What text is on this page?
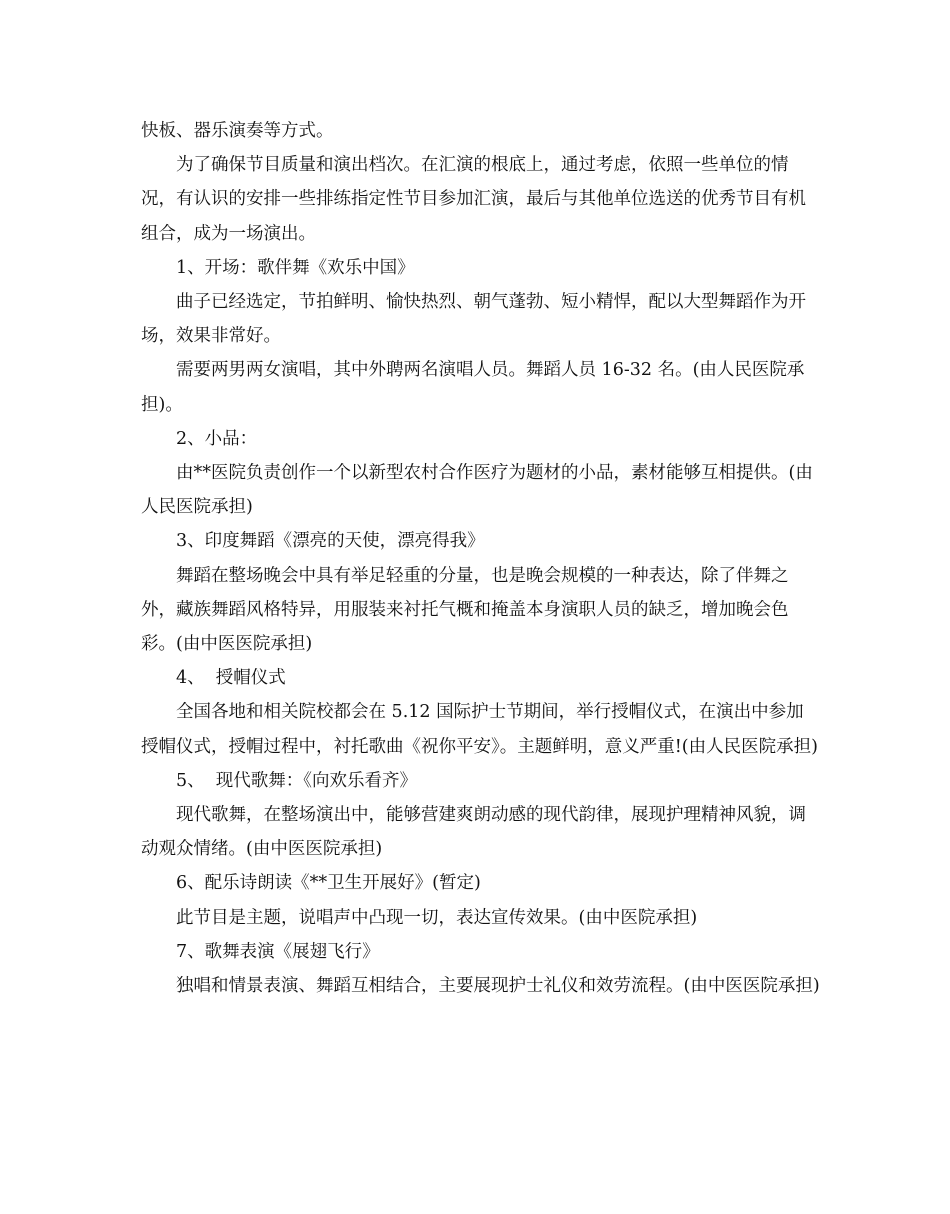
快板、器乐演奏等方式。

为了确保节目质量和演出档次。在汇演的根底上，通过考虑，依照一些单位的情况，有认识的安排一些排练指定性节目参加汇演，最后与其他单位选送的优秀节目有机组合，成为一场演出。

1、开场：歌伴舞《欢乐中国》

曲子已经选定，节拍鲜明、愉快热烈、朝气蓬勃、短小精悍，配以大型舞蹈作为开场，效果非常好。

需要两男两女演唱，其中外聘两名演唱人员。舞蹈人员 16-32 名。(由人民医院承担)。

2、小品：

由**医院负责创作一个以新型农村合作医疗为题材的小品，素材能够互相提供。(由人民医院承担)

3、印度舞蹈《漂亮的天使，漂亮得我》

舞蹈在整场晚会中具有举足轻重的分量，也是晚会规模的一种表达，除了伴舞之外，藏族舞蹈风格特异，用服装来衬托气概和掩盖本身演职人员的缺乏，增加晚会色彩。(由中医医院承担)

4、  授帽仪式

全国各地和相关院校都会在 5.12 国际护士节期间，举行授帽仪式，在演出中参加授帽仪式，授帽过程中，衬托歌曲《祝你平安》。主题鲜明，意义严重!(由人民医院承担)

5、  现代歌舞：《向欢乐看齐》

现代歌舞，在整场演出中，能够营建爽朗动感的现代韵律，展现护理精神风貌，调动观众情绪。(由中医医院承担)

6、配乐诗朗读《**卫生开展好》(暂定)

此节目是主题，说唱声中凸现一切，表达宣传效果。(由中医院承担)

7、歌舞表演《展翅飞行》

独唱和情景表演、舞蹈互相结合，主要展现护士礼仪和效劳流程。(由中医医院承担)
